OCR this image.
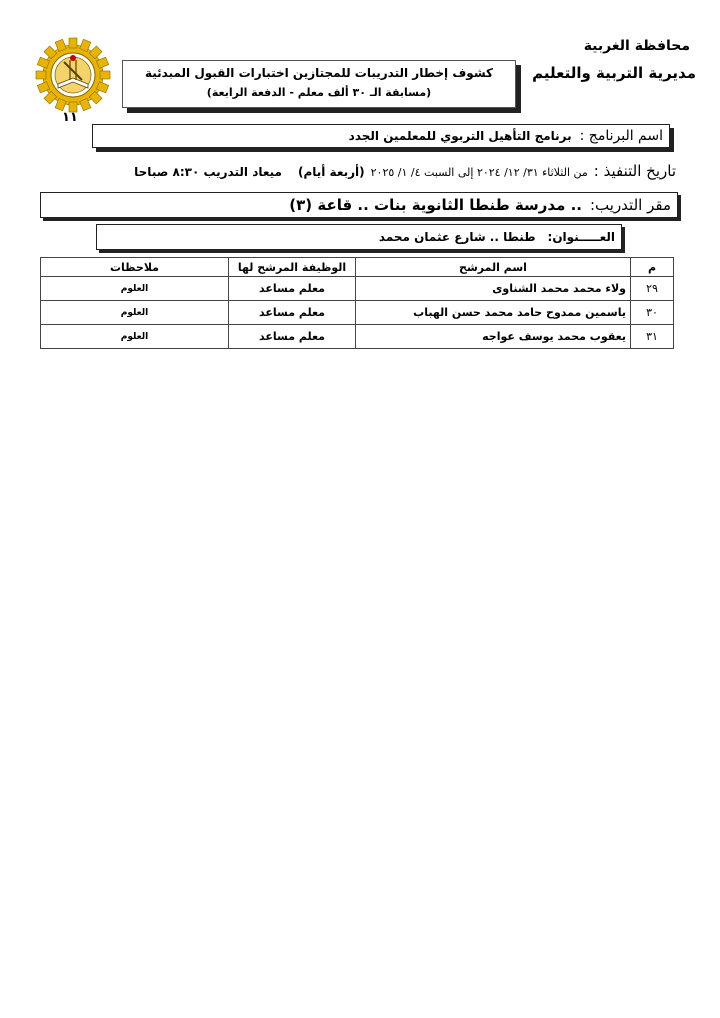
محافظة الغربية
مديرية التربية والتعليم
كشوف إخطار التدريبات للمجتازين اختبارات القبول المبدئية
(مسابقة الـ ٣٠ ألف معلم - الدفعة الرابعة)
١١
اسم البرنامج :
برنامج التأهيل التربوي للمعلمين الجدد
تاريخ التنفيذ :
من الثلاثاء ٣١/ ١٢/ ٢٠٢٤ إلى السبت ٤/ ١/ ٢٠٢٥
(أربعة أيام)
ميعاد التدريب ٨:٣٠ صباحا
مقر التدريب:
.. مدرسة طنطا الثانوية بنات .. قاعة (٣)
العـــــنوان:
طنطا .. شارع عثمان محمد
م	اسم المرشح	الوظيفة المرشح لها	ملاحظات
٢٩	ولاء محمد محمد الشناوى	معلم مساعد	العلوم
٣٠	ياسمين ممدوح حامد محمد حسن الهباب	معلم مساعد	العلوم
٣١	يعقوب محمد يوسف عواجه	معلم مساعد	العلوم
